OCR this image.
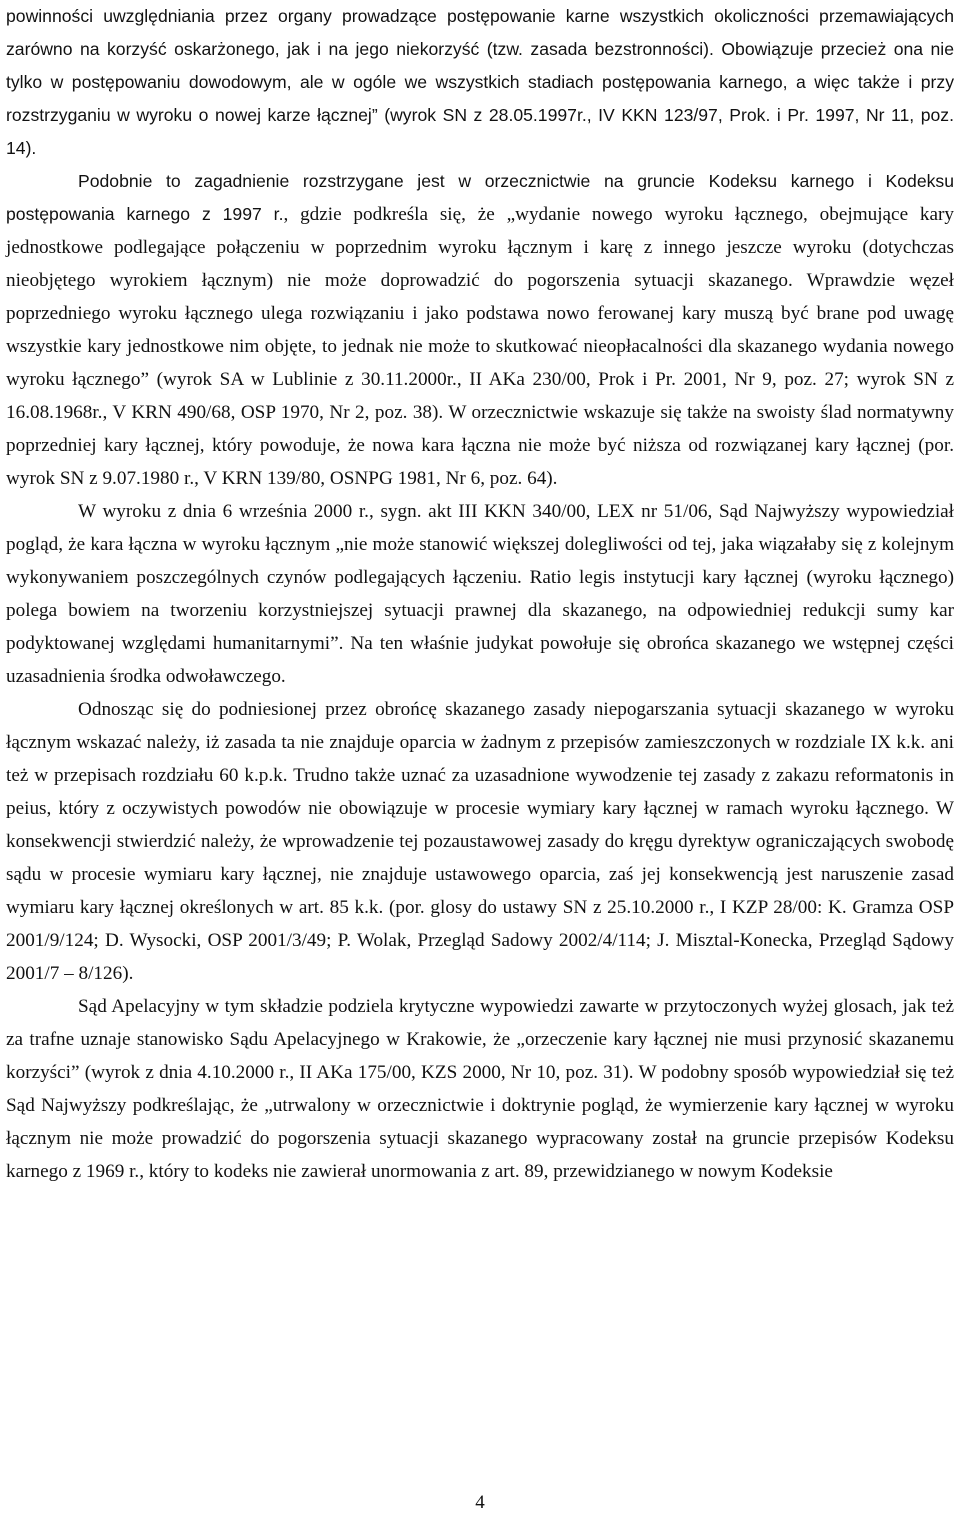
powinności uwzględniania przez organy prowadzące postępowanie karne wszystkich okoliczności przemawiających zarówno na korzyść oskarżonego, jak i na jego niekorzyść (tzw. zasada bezstronności). Obowiązuje przecież ona nie tylko w postępowaniu dowodowym, ale w ogóle we wszystkich stadiach postępowania karnego, a więc także i przy rozstrzyganiu w wyroku o nowej karze łącznej” (wyrok SN z 28.05.1997r., IV KKN 123/97, Prok. i Pr. 1997, Nr 11, poz. 14).

Podobnie to zagadnienie rozstrzygane jest w orzecznictwie na gruncie Kodeksu karnego i Kodeksu postępowania karnego z 1997 r., gdzie podkreśla się, że „wydanie nowego wyroku łącznego, obejmujące kary jednostkowe podlegające połączeniu w poprzednim wyroku łącznym i karę z innego jeszcze wyroku (dotychczas nieobjętego wyrokiem łącznym) nie może doprowadzić do pogorszenia sytuacji skazanego. Wprawdzie węzeł poprzedniego wyroku łącznego ulega rozwiązaniu i jako podstawa nowo ferowanej kary muszą być brane pod uwagę wszystkie kary jednostkowe nim objęte, to jednak nie może to skutkować nieopłacalności dla skazanego wydania nowego wyroku łącznego” (wyrok SA w Lublinie z 30.11.2000r., II AKa 230/00, Prok i Pr. 2001, Nr 9, poz. 27; wyrok SN z 16.08.1968r., V KRN 490/68, OSP 1970, Nr 2, poz. 38). W orzecznictwie wskazuje się także na swoisty ślad normatywny poprzedniej kary łącznej, który powoduje, że nowa kara łączna nie może być niższa od rozwiązanej kary łącznej (por. wyrok SN z 9.07.1980 r., V KRN 139/80, OSNPG 1981, Nr 6, poz. 64).

W wyroku z dnia 6 września 2000 r., sygn. akt III KKN 340/00, LEX nr 51/06, Sąd Najwyższy wypowiedział pogląd, że kara łączna w wyroku łącznym „nie może stanowić większej dolegliwości od tej, jaka wiązałaby się z kolejnym wykonywaniem poszczególnych czynów podlegających łączeniu. Ratio legis instytucji kary łącznej (wyroku łącznego) polega bowiem na tworzeniu korzystniejszej sytuacji prawnej dla skazanego, na odpowiedniej redukcji sumy kar podyktowanej względami humanitarnymi”. Na ten właśnie judykat powołuje się obrońca skazanego we wstępnej części uzasadnienia środka odwoławczego.

Odnosząc się do podniesionej przez obrońcę skazanego zasady niepogarszania sytuacji skazanego w wyroku łącznym wskazać należy, iż zasada ta nie znajduje oparcia w żadnym z przepisów zamieszczonych w rozdziale IX k.k. ani też w przepisach rozdziału 60 k.p.k. Trudno także uznać za uzasadnione wywodzenie tej zasady z zakazu reformatonis in peius, który z oczywistych powodów nie obowiązuje w procesie wymiary kary łącznej w ramach wyroku łącznego. W konsekwencji stwierdzić należy, że wprowadzenie tej pozaustawowej zasady do kręgu dyrektyw ograniczających swobodę sądu w procesie wymiaru kary łącznej, nie znajduje ustawowego oparcia, zaś jej konsekwencją jest naruszenie zasad wymiaru kary łącznej określonych w art. 85 k.k. (por. glosy do ustawy SN z 25.10.2000 r., I KZP 28/00: K. Gramza OSP 2001/9/124; D. Wysocki, OSP 2001/3/49; P. Wolak, Przegląd Sadowy 2002/4/114; J. Misztal-Konecka, Przegląd Sądowy 2001/7 – 8/126).

Sąd Apelacyjny w tym składzie podziela krytyczne wypowiedzi zawarte w przytoczonych wyżej glosach, jak też za trafne uznaje stanowisko Sądu Apelacyjnego w Krakowie, że „orzeczenie kary łącznej nie musi przynosić skazanemu korzyści” (wyrok z dnia 4.10.2000 r., II AKa 175/00, KZS 2000, Nr 10, poz. 31). W podobny sposób wypowiedział się też Sąd Najwyższy podkreślając, że „utrwalony w orzecznictwie i doktrynie pogląd, że wymierzenie kary łącznej w wyroku łącznym nie może prowadzić do pogorszenia sytuacji skazanego wypracowany został na gruncie przepisów Kodeksu karnego z 1969 r., który to kodeks nie zawierał unormowania z art. 89, przewidzianego w nowym Kodeksie

4
